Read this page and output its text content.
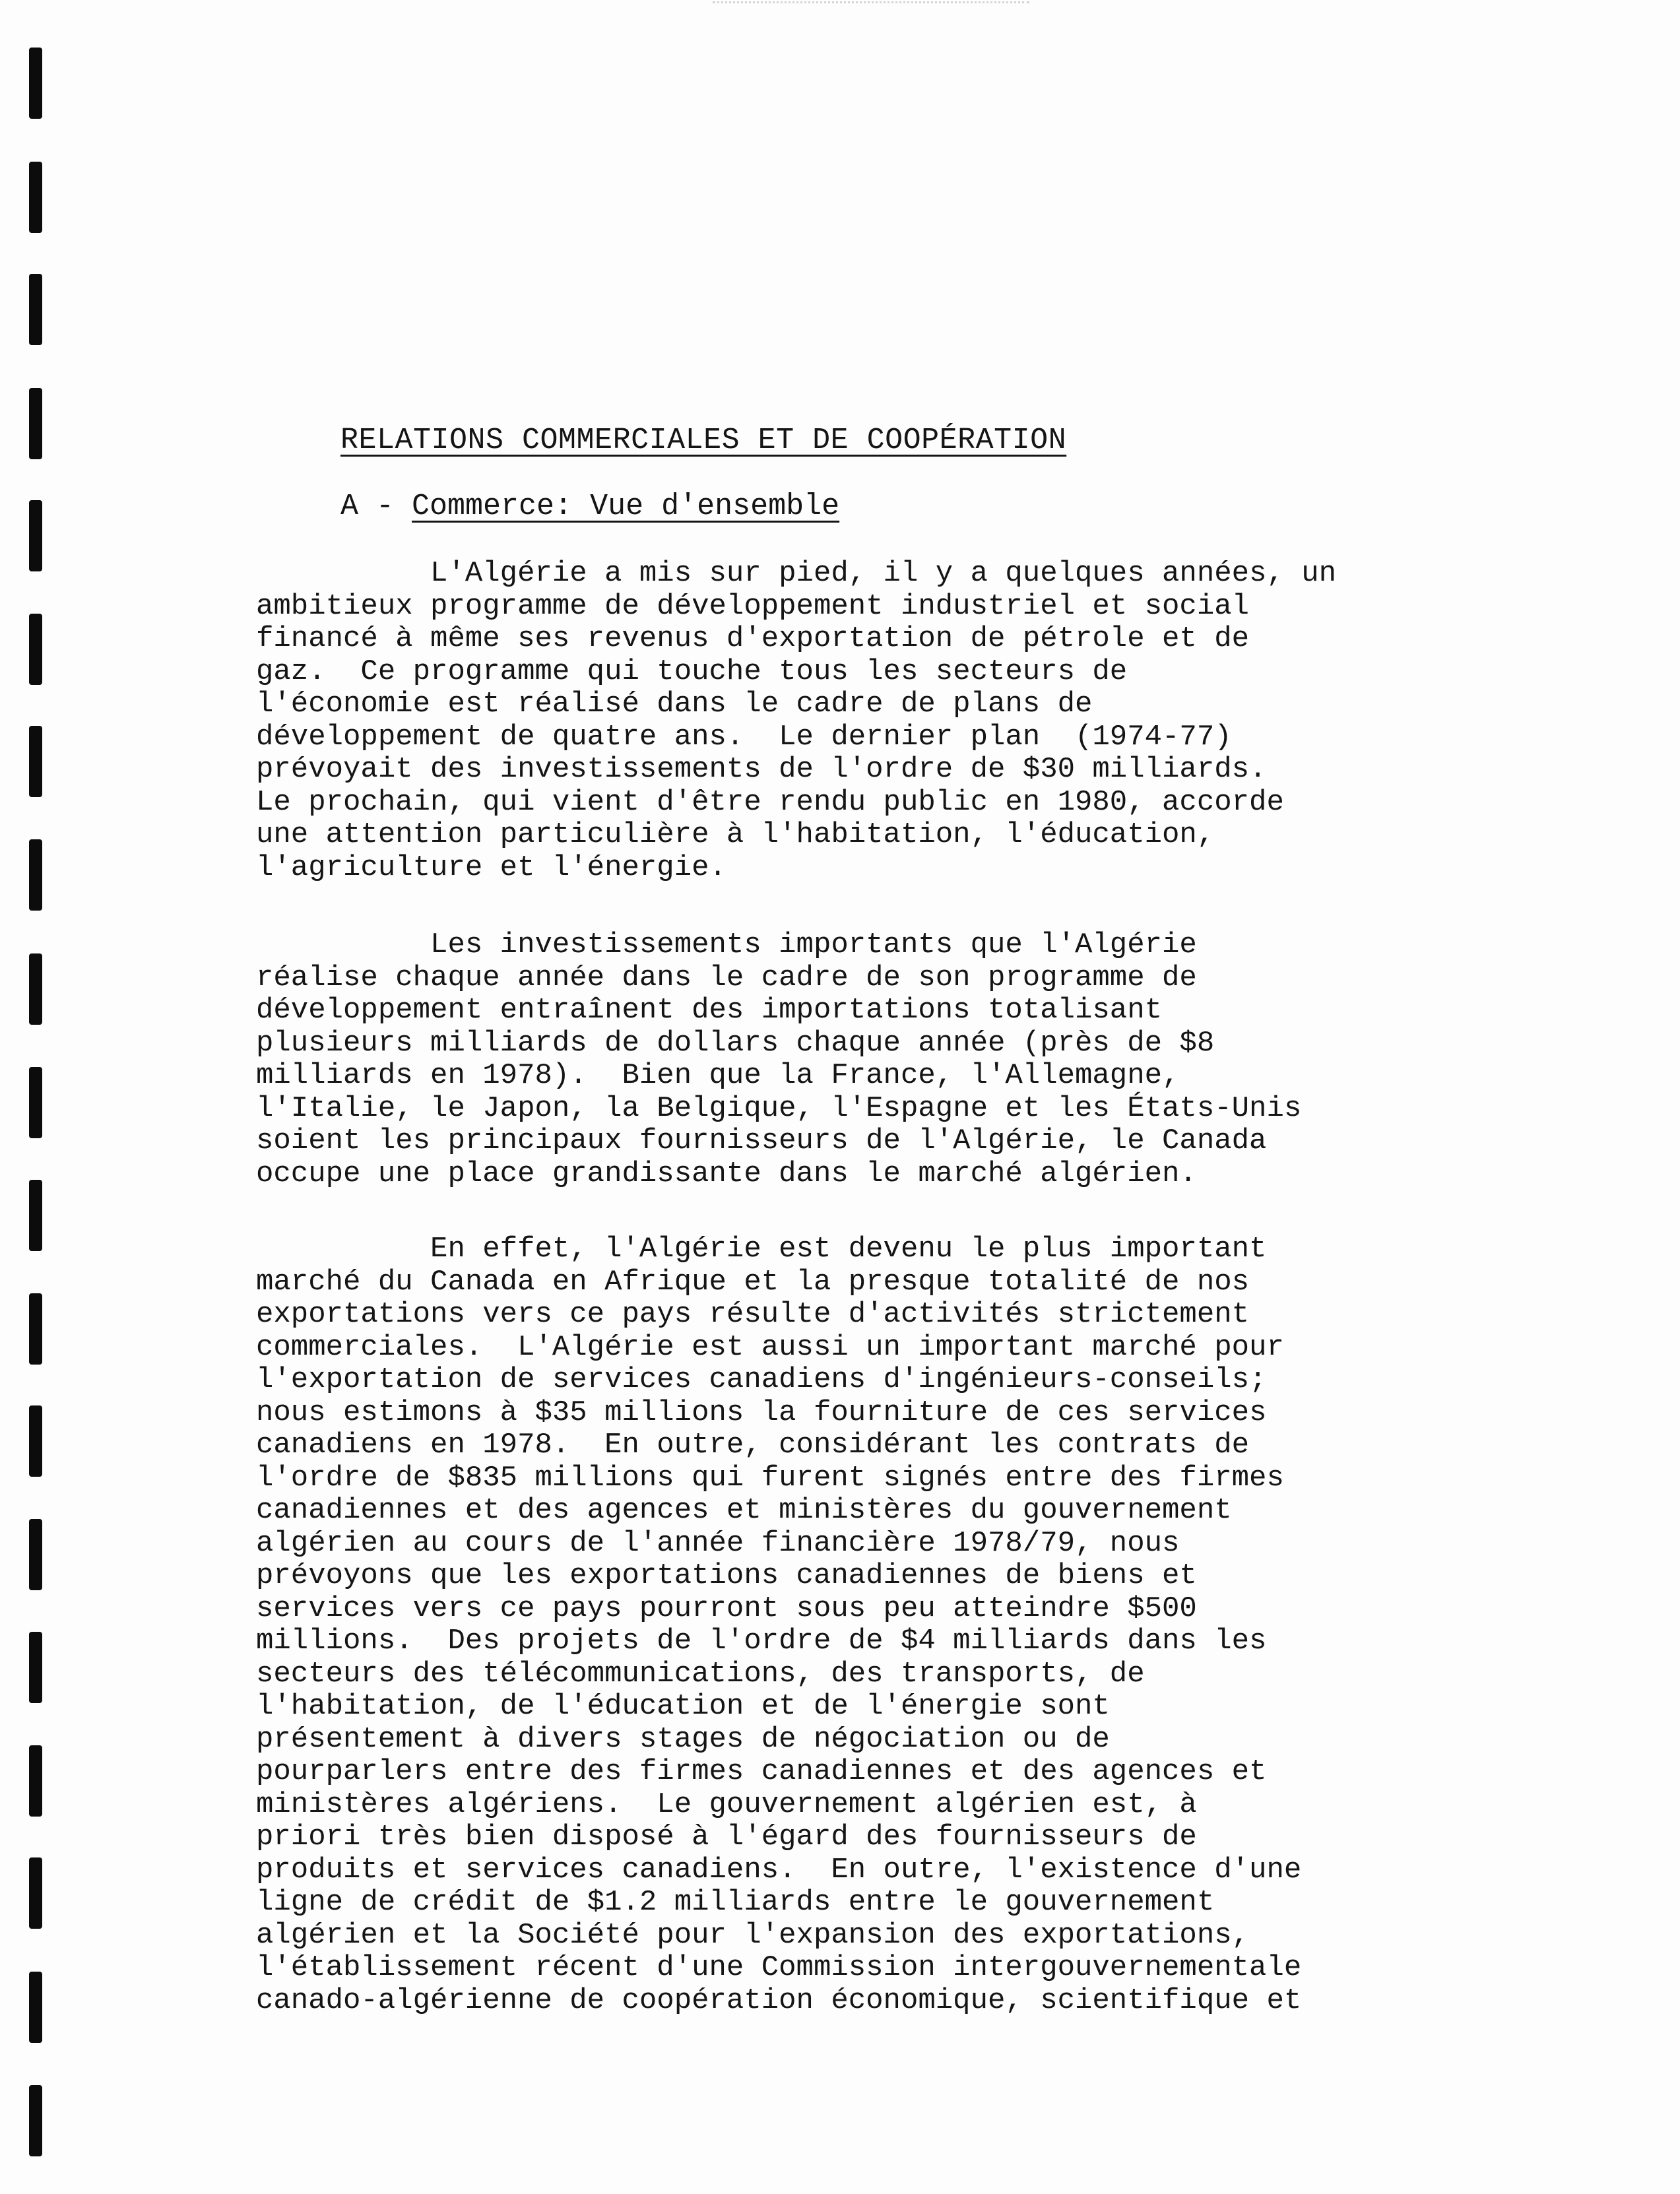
RELATIONS COMMERCIALES ET DE COOPÉRATION
A - Commerce: Vue d'ensemble
L'Algérie a mis sur pied, il y a quelques années, un
ambitieux programme de développement industriel et social
financé à même ses revenus d'exportation de pétrole et de
gaz.  Ce programme qui touche tous les secteurs de
l'économie est réalisé dans le cadre de plans de
développement de quatre ans.  Le dernier plan  (1974-77)
prévoyait des investissements de l'ordre de $30 milliards.
Le prochain, qui vient d'être rendu public en 1980, accorde
une attention particulière à l'habitation, l'éducation,
l'agriculture et l'énergie.
Les investissements importants que l'Algérie
réalise chaque année dans le cadre de son programme de
développement entraînent des importations totalisant
plusieurs milliards de dollars chaque année (près de $8
milliards en 1978).  Bien que la France, l'Allemagne,
l'Italie, le Japon, la Belgique, l'Espagne et les États-Unis
soient les principaux fournisseurs de l'Algérie, le Canada
occupe une place grandissante dans le marché algérien.
En effet, l'Algérie est devenu le plus important
marché du Canada en Afrique et la presque totalité de nos
exportations vers ce pays résulte d'activités strictement
commerciales.  L'Algérie est aussi un important marché pour
l'exportation de services canadiens d'ingénieurs-conseils;
nous estimons à $35 millions la fourniture de ces services
canadiens en 1978.  En outre, considérant les contrats de
l'ordre de $835 millions qui furent signés entre des firmes
canadiennes et des agences et ministères du gouvernement
algérien au cours de l'année financière 1978/79, nous
prévoyons que les exportations canadiennes de biens et
services vers ce pays pourront sous peu atteindre $500
millions.  Des projets de l'ordre de $4 milliards dans les
secteurs des télécommunications, des transports, de
l'habitation, de l'éducation et de l'énergie sont
présentement à divers stages de négociation ou de
pourparlers entre des firmes canadiennes et des agences et
ministères algériens.  Le gouvernement algérien est, à
priori très bien disposé à l'égard des fournisseurs de
produits et services canadiens.  En outre, l'existence d'une
ligne de crédit de $1.2 milliards entre le gouvernement
algérien et la Société pour l'expansion des exportations,
l'établissement récent d'une Commission intergouvernementale
canado-algérienne de coopération économique, scientifique et
